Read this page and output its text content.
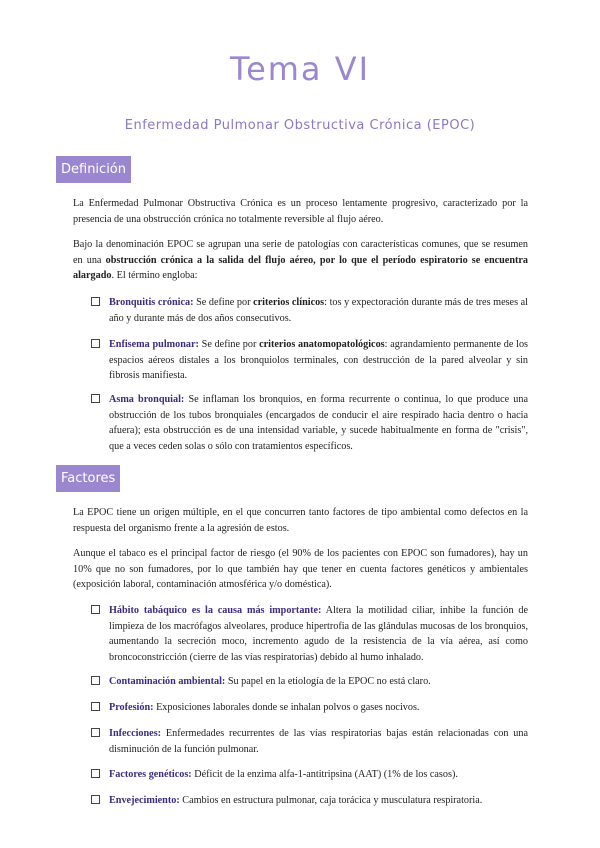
Tema VI
Enfermedad Pulmonar Obstructiva Crónica (EPOC)
Definición
La Enfermedad Pulmonar Obstructiva Crónica es un proceso lentamente progresivo, caracterizado por la presencia de una obstrucción crónica no totalmente reversible al flujo aéreo.
Bajo la denominación EPOC se agrupan una serie de patologías con características comunes, que se resumen en una obstrucción crónica a la salida del flujo aéreo, por lo que el período espiratorio se encuentra alargado. El término engloba:
Bronquitis crónica: Se define por criterios clínicos: tos y expectoración durante más de tres meses al año y durante más de dos años consecutivos.
Enfisema pulmonar: Se define por criterios anatomopatológicos: agrandamiento permanente de los espacios aéreos distales a los bronquiolos terminales, con destrucción de la pared alveolar y sin fibrosis manifiesta.
Asma bronquial: Se inflaman los bronquios, en forma recurrente o continua, lo que produce una obstrucción de los tubos bronquiales (encargados de conducir el aire respirado hacia dentro o hacia afuera); esta obstrucción es de una intensidad variable, y sucede habitualmente en forma de "crisis", que a veces ceden solas o sólo con tratamientos específicos.
Factores
La EPOC tiene un origen múltiple, en el que concurren tanto factores de tipo ambiental como defectos en la respuesta del organismo frente a la agresión de estos.
Aunque el tabaco es el principal factor de riesgo (el 90% de los pacientes con EPOC son fumadores), hay un 10% que no son fumadores, por lo que también hay que tener en cuenta factores genéticos y ambientales (exposición laboral, contaminación atmosférica y/o doméstica).
Hábito tabáquico es la causa más importante: Altera la motilidad ciliar, inhibe la función de limpieza de los macrófagos alveolares, produce hipertrofia de las glándulas mucosas de los bronquios, aumentando la secreción moco, incremento agudo de la resistencia de la vía aérea, así como broncoconstricción (cierre de las vías respiratorias) debido al humo inhalado.
Contaminación ambiental: Su papel en la etiología de la EPOC no está claro.
Profesión: Exposiciones laborales donde se inhalan polvos o gases nocivos.
Infecciones: Enfermedades recurrentes de las vías respiratorias bajas están relacionadas con una disminución de la función pulmonar.
Factores genéticos: Déficit de la enzima alfa-1-antitripsina (AAT) (1% de los casos).
Envejecimiento: Cambios en estructura pulmonar, caja torácica y musculatura respiratoria.
